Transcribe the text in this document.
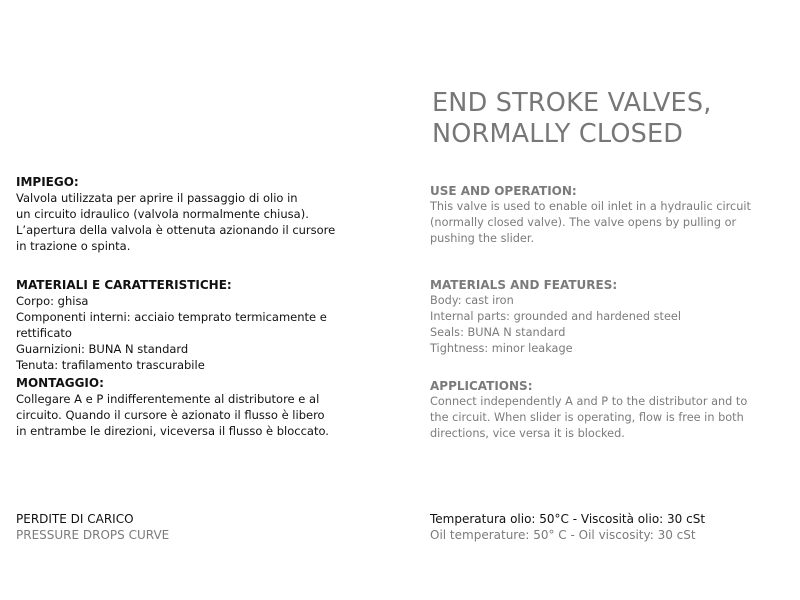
END STROKE VALVES,
NORMALLY CLOSED
IMPIEGO:

Valvola utilizzata per aprire il passaggio di olio in
un circuito idraulico (valvola normalmente chiusa).
L’apertura della valvola è ottenuta azionando il cursore
in trazione o spinta.

MATERIALI E CARATTERISTICHE:

Corpo: ghisa
Componenti interni: acciaio temprato termicamente e
rettificato
Guarnizioni: BUNA N standard
Tenuta: trafilamento trascurabile

MONTAGGIO:

Collegare A e P indifferentemente al distributore e al
circuito. Quando il cursore è azionato il flusso è libero
in entrambe le direzioni, viceversa il flusso è bloccato.

PERDITE DI CARICO
PRESSURE DROPS CURVE
USE AND OPERATION:

This valve is used to enable oil inlet in a hydraulic circuit
(normally closed valve). The valve opens by pulling or
pushing the slider.

MATERIALS AND FEATURES:

Body: cast iron
Internal parts: grounded and hardened steel
Seals: BUNA N standard
Tightness: minor leakage

APPLICATIONS:

Connect independently A and P to the distributor and to
the circuit. When slider is operating, flow is free in both
directions, vice versa it is blocked.

Temperatura olio: 50°C - Viscosità olio: 30 cSt
Oil temperature: 50° C - Oil viscosity: 30 cSt
